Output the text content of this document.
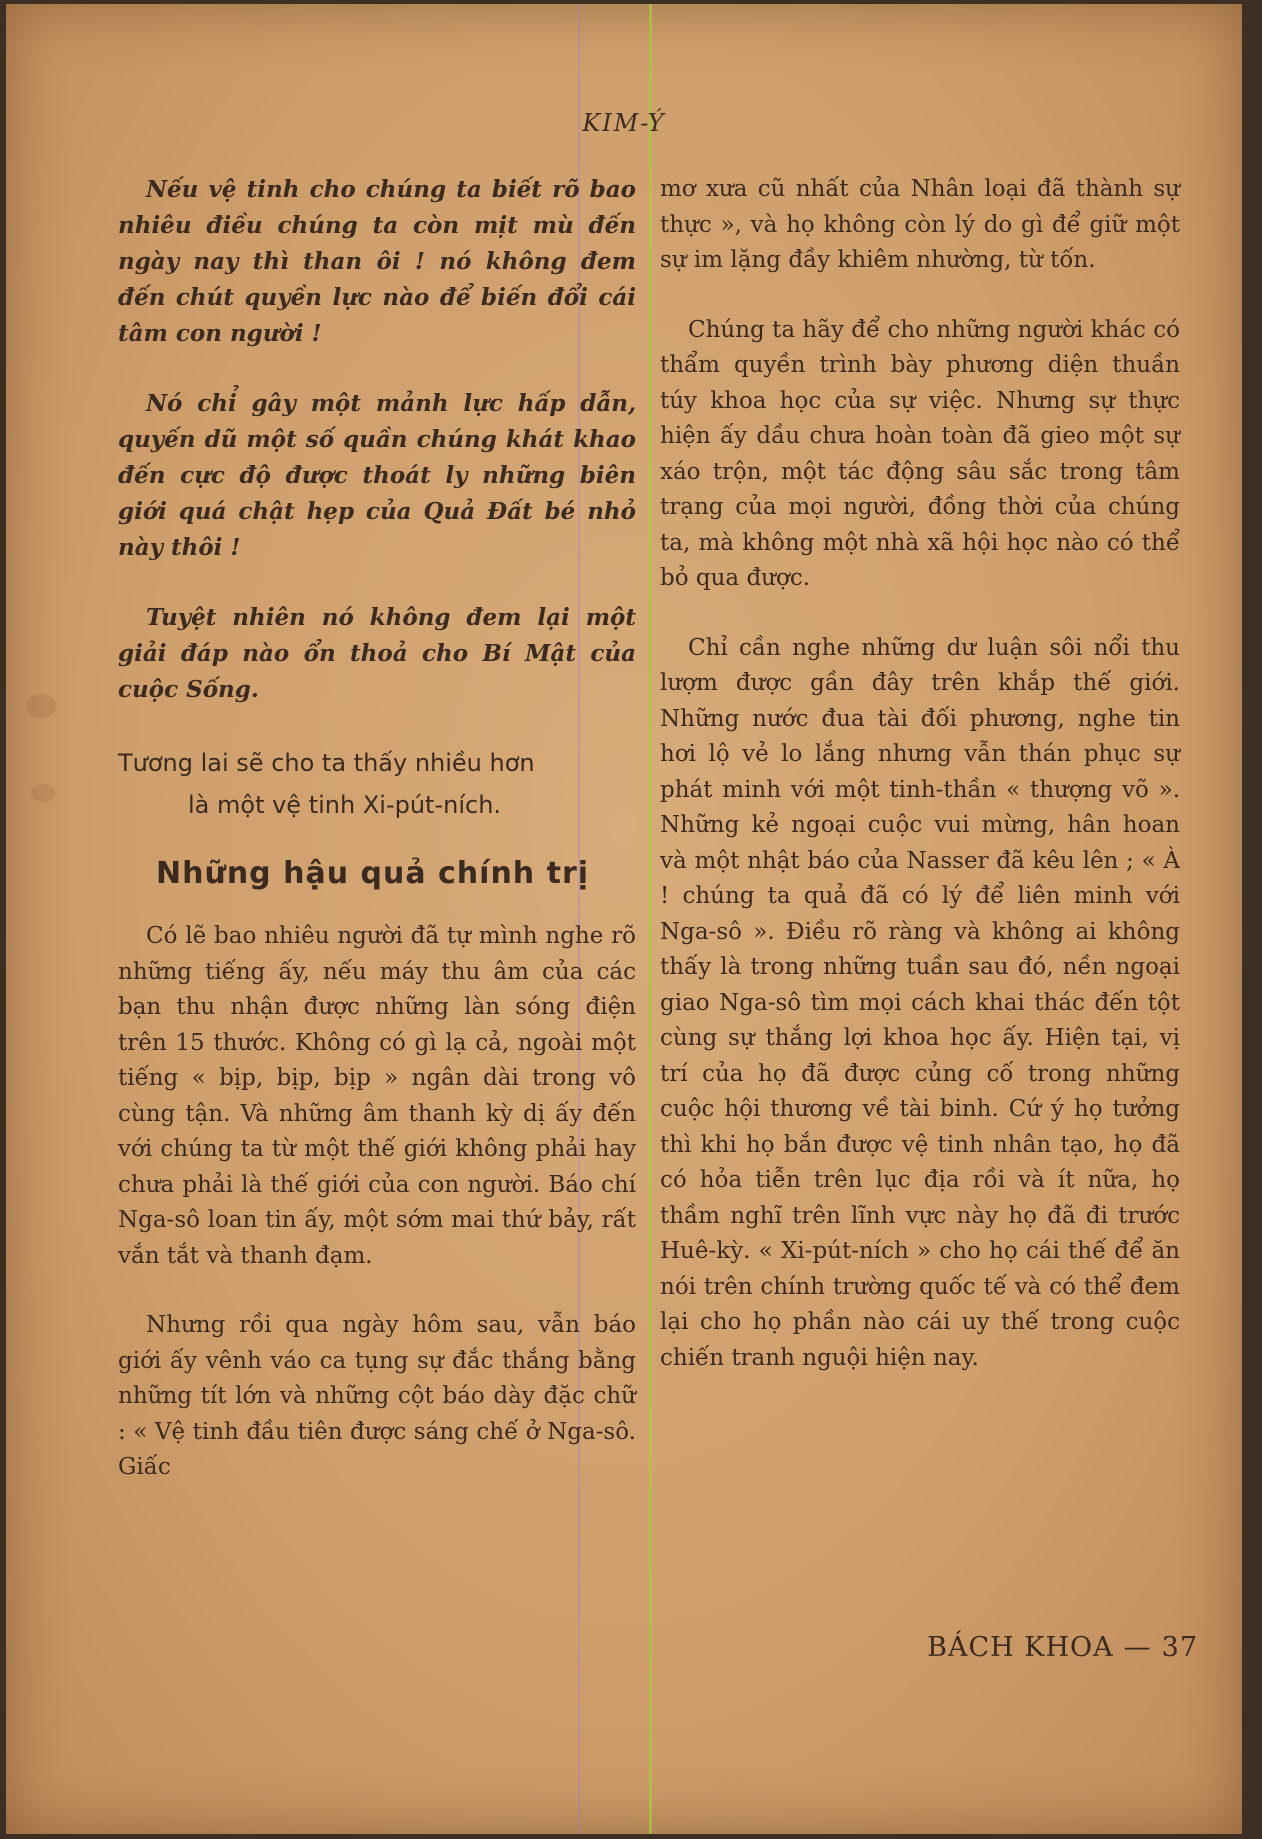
KIM-Ý

Nếu vệ tinh cho chúng ta biết rõ bao nhiêu điều chúng ta còn mịt mù đến ngày nay thì than ôi ! nó không đem đến chút quyền lực nào để biến đổi cái tâm con người !

Nó chỉ gây một mảnh lực hấp dẫn, quyến dũ một số quần chúng khát khao đến cực độ được thoát ly những biên giới quá chật hẹp của Quả Đất bé nhỏ này thôi !

Tuyệt nhiên nó không đem lại một giải đáp nào ổn thoả cho Bí Mật của cuộc Sống.

Tương lai sẽ cho ta thấy nhiều hơn
là một vệ tinh Xi-pút-ních.

Những hậu quả chính trị

Có lẽ bao nhiêu người đã tự mình nghe rõ những tiếng ấy, nếu máy thu âm của các bạn thu nhận được những làn sóng điện trên 15 thước. Không có gì lạ cả, ngoài một tiếng « bịp, bịp, bịp » ngân dài trong vô cùng tận. Và những âm thanh kỳ dị ấy đến với chúng ta từ một thế giới không phải hay chưa phải là thế giới của con người. Báo chí Nga-sô loan tin ấy, một sớm mai thứ bảy, rất vắn tắt và thanh đạm.

Nhưng rồi qua ngày hôm sau, vẫn báo giới ấy vênh váo ca tụng sự đắc thắng bằng những tít lớn và những cột báo dày đặc chữ : « Vệ tinh đầu tiên được sáng chế ở Nga-sô. Giấc

mơ xưa cũ nhất của Nhân loại đã thành sự thực », và họ không còn lý do gì để giữ một sự im lặng đầy khiêm nhường, từ tốn.

Chúng ta hãy để cho những người khác có thẩm quyền trình bày phương diện thuần túy khoa học của sự việc. Nhưng sự thực hiện ấy dầu chưa hoàn toàn đã gieo một sự xáo trộn, một tác động sâu sắc trong tâm trạng của mọi người, đồng thời của chúng ta, mà không một nhà xã hội học nào có thể bỏ qua được.

Chỉ cần nghe những dư luận sôi nổi thu lượm được gần đây trên khắp thế giới. Những nước đua tài đối phương, nghe tin hơi lộ vẻ lo lắng nhưng vẫn thán phục sự phát minh với một tinh-thần « thượng võ ». Những kẻ ngoại cuộc vui mừng, hân hoan và một nhật báo của Nasser đã kêu lên ; « À ! chúng ta quả đã có lý để liên minh với Nga-sô ». Điều rõ ràng và không ai không thấy là trong những tuần sau đó, nền ngoại giao Nga-sô tìm mọi cách khai thác đến tột cùng sự thắng lợi khoa học ấy. Hiện tại, vị trí của họ đã được củng cố trong những cuộc hội thương về tài binh. Cứ ý họ tưởng thì khi họ bắn được vệ tinh nhân tạo, họ đã có hỏa tiễn trên lục địa rồi và ít nữa, họ thầm nghĩ trên lĩnh vực này họ đã đi trước Huê-kỳ. « Xi-pút-ních » cho họ cái thế để ăn nói trên chính trường quốc tế và có thể đem lại cho họ phần nào cái uy thế trong cuộc chiến tranh nguội hiện nay.

BÁCH KHOA — 37
